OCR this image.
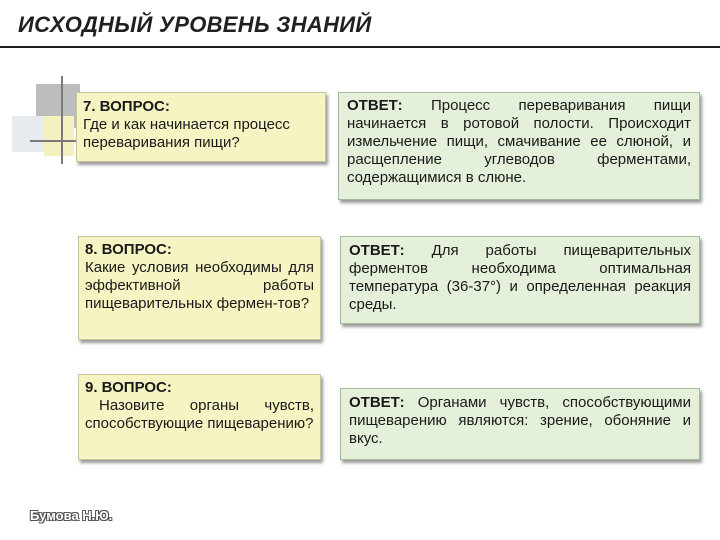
ИСХОДНЫЙ УРОВЕНЬ ЗНАНИЙ
7. ВОПРОС:
Где и как начинается процесс переваривания пищи?
ОТВЕТ: Процесс переваривания пищи начинается в ротовой полости. Происходит измельчение пищи, смачивание ее слюной, и расщепление углеводов ферментами, содержащимися в слюне.
8. ВОПРОС:
Какие условия необходимы для эффективной работы пищеварительных фермен-тов?
ОТВЕТ: Для работы пищеварительных ферментов необходима оптимальная температура (36-37°) и определенная реакция среды.
9. ВОПРОС:
Назовите органы чувств, способствующие пищеварению?
ОТВЕТ: Органами чувств, способствующими пищеварению являются: зрение, обоняние и вкус.
Бумова Н.Ю.
